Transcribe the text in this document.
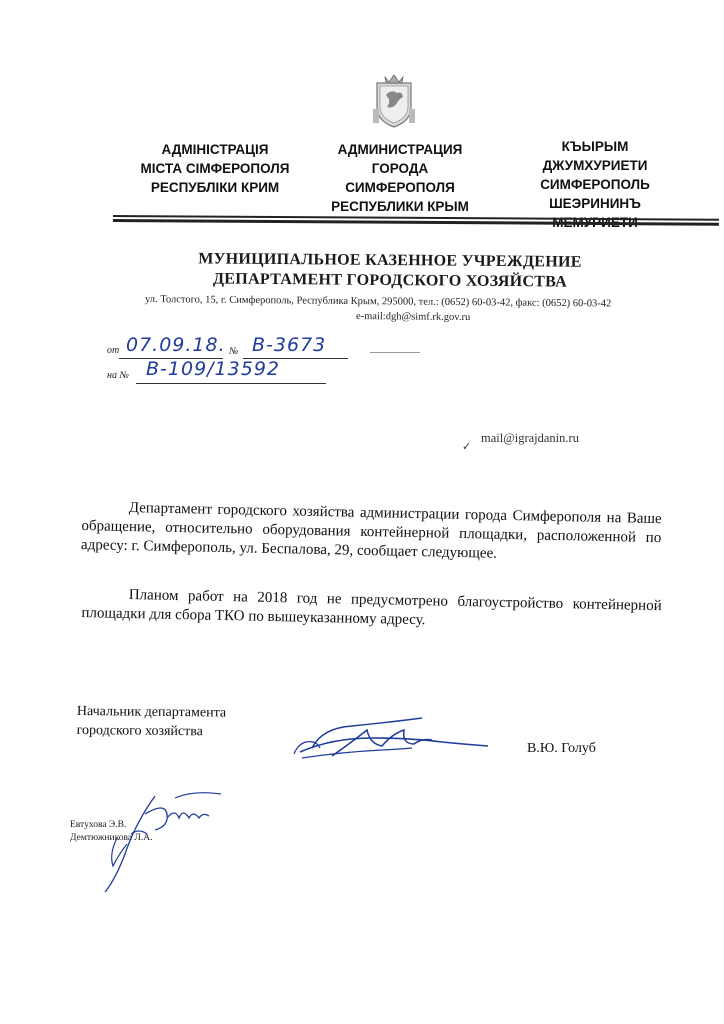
АДМІНІСТРАЦІЯ
МІСТА СІМФЕРОПОЛЯ
РЕСПУБЛІКИ КРИМ
АДМИНИСТРАЦИЯ
ГОРОДА
СИМФЕРОПОЛЯ
РЕСПУБЛИКИ КРЫМ
КЪЫРЫМ
ДЖУМХУРИЕТИ
СИМФЕРОПОЛЬ
ШЕЭРИНИНЪ
МУНИЦИПАЛЬНОЕ КАЗЕННОЕ УЧРЕЖДЕНИЕ
ДЕПАРТАМЕНТ ГОРОДСКОГО ХОЗЯЙСТВА
ул. Толстого, 15, г. Симферополь, Республика Крым, 295000, тел.: (0652) 60-03-42, факс: (0652) 60-03-42
e-mail:dgh@simf.rk.gov.ru
от 07.09.18. № В-3673
на № В-109/13592
✓
mail@igrajdanin.ru

Департамент городского хозяйства администрации города Симферополя на Ваше обращение, относительно оборудования контейнерной площадки, расположенной по адресу: г. Симферополь, ул. Беспалова, 29, сообщает следующее.

Планом работ на 2018 год не предусмотрено благоустройство контейнерной площадки для сбора ТКО по вышеуказанному адресу.

Начальник департамента
городского хозяйства
В.Ю. Голуб
Евтухова Э.В.
Демтюжникова Л.А.
